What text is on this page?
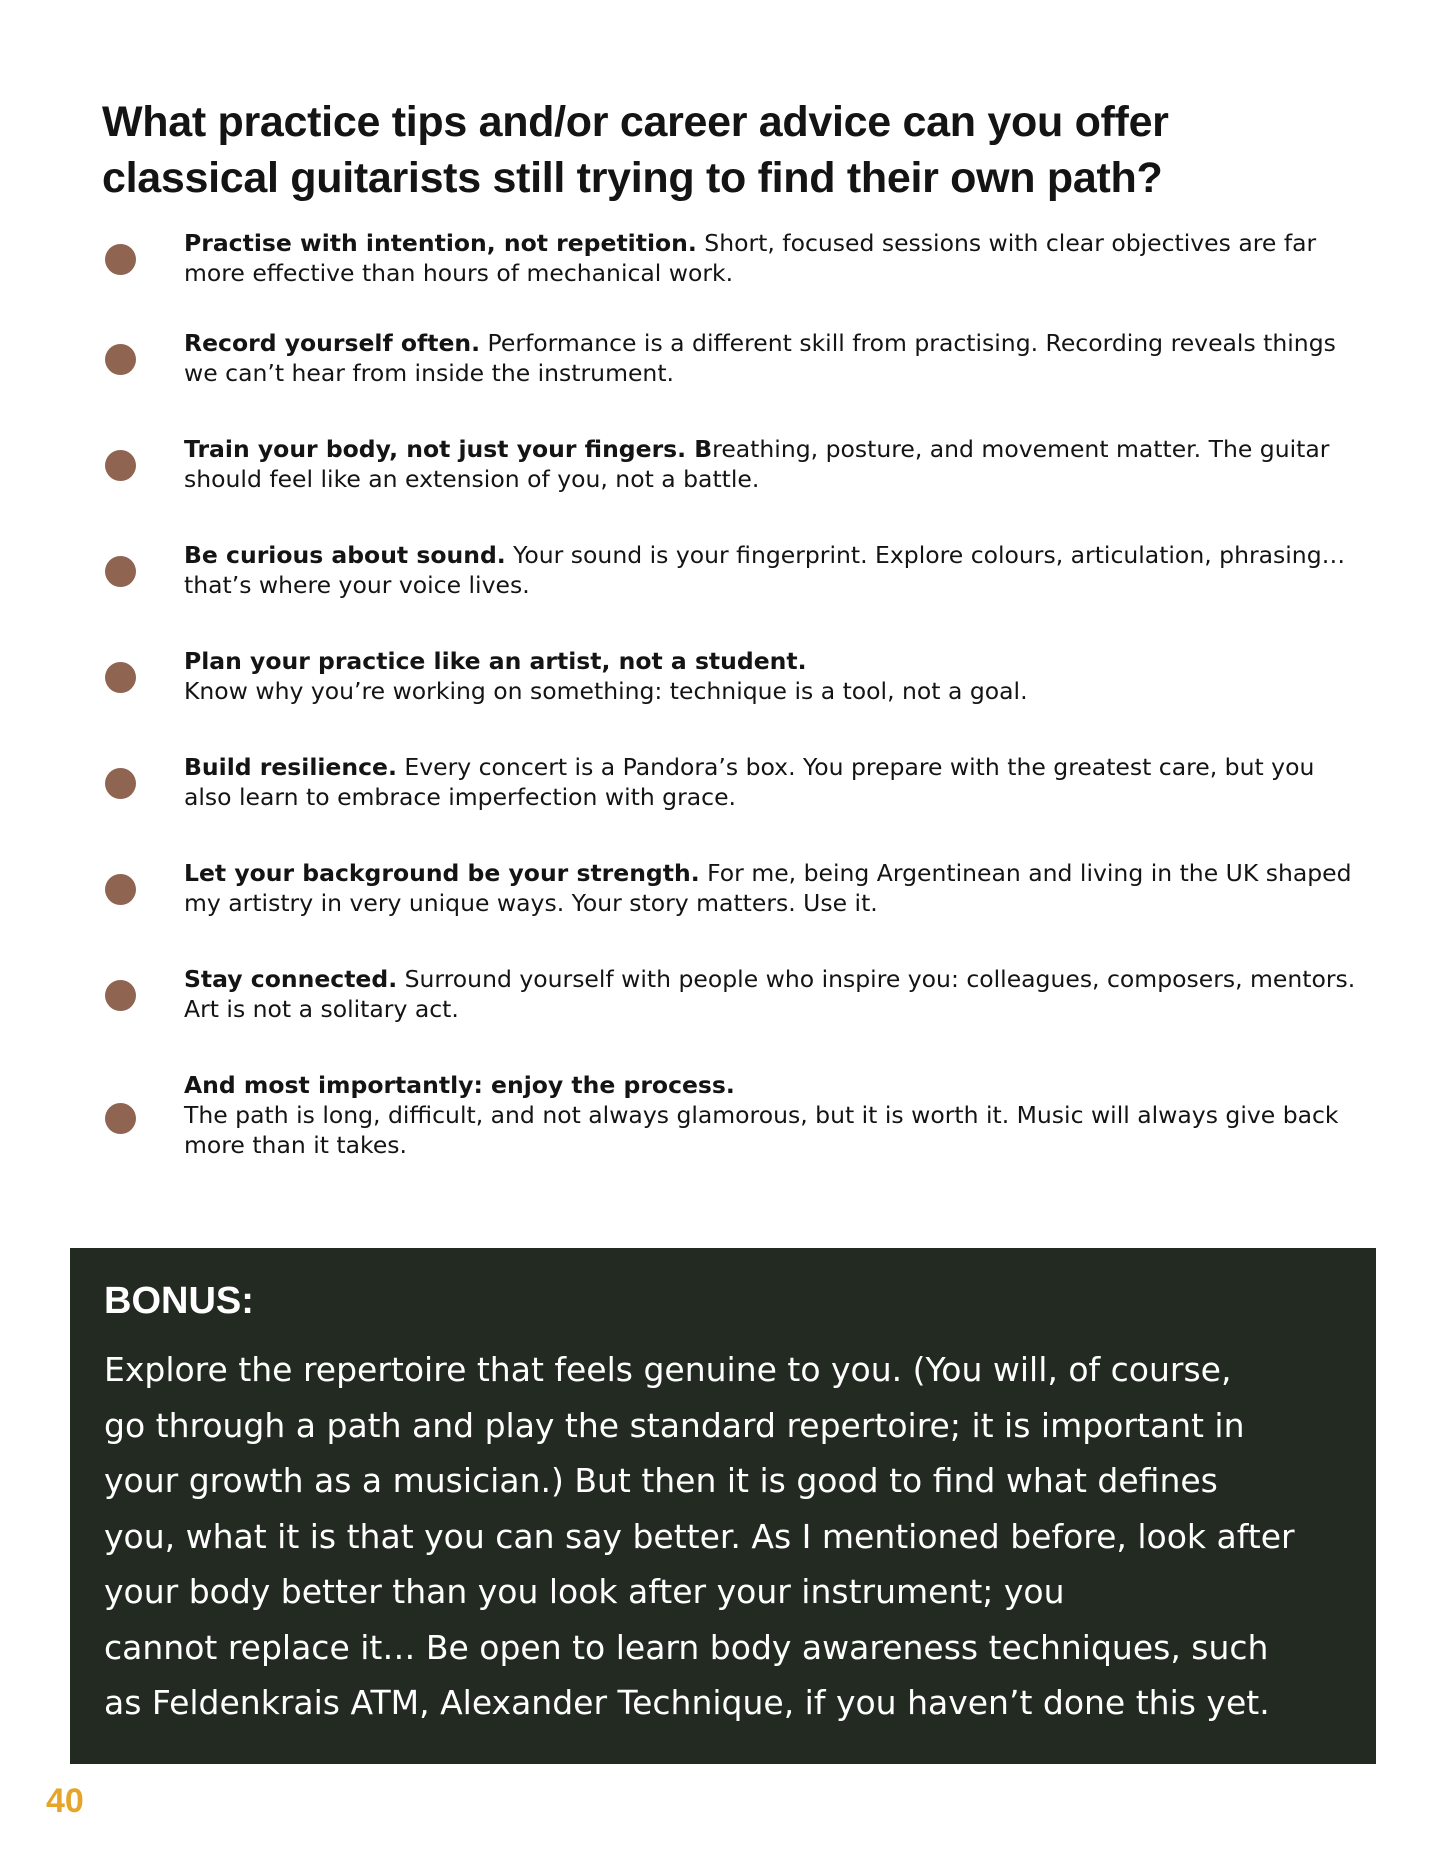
What practice tips and/or career advice can you offer
classical guitarists still trying to find their own path?
Practise with intention, not repetition. Short, focused sessions with clear objectives are far more effective than hours of mechanical work.
Record yourself often. Performance is a different skill from practising. Recording reveals things we can’t hear from inside the instrument.
Train your body, not just your fingers. Breathing, posture, and movement matter. The guitar should feel like an extension of you, not a battle.
Be curious about sound. Your sound is your fingerprint. Explore colours, articulation, phrasing… that’s where your voice lives.
Plan your practice like an artist, not a student.
Know why you’re working on something: technique is a tool, not a goal.
Build resilience. Every concert is a Pandora’s box. You prepare with the greatest care, but you also learn to embrace imperfection with grace.
Let your background be your strength. For me, being Argentinean and living in the UK shaped my artistry in very unique ways. Your story matters. Use it.
Stay connected. Surround yourself with people who inspire you: colleagues, composers, mentors. Art is not a solitary act.
And most importantly: enjoy the process.
The path is long, difficult, and not always glamorous, but it is worth it. Music will always give back more than it takes.
BONUS:

Explore the repertoire that feels genuine to you. (You will, of course,
go through a path and play the standard repertoire; it is important in
your growth as a musician.) But then it is good to find what defines
you, what it is that you can say better. As I mentioned before, look after
your body better than you look after your instrument; you
cannot replace it… Be open to learn body awareness techniques, such
as Feldenkrais ATM, Alexander Technique, if you haven’t done this yet.

40
